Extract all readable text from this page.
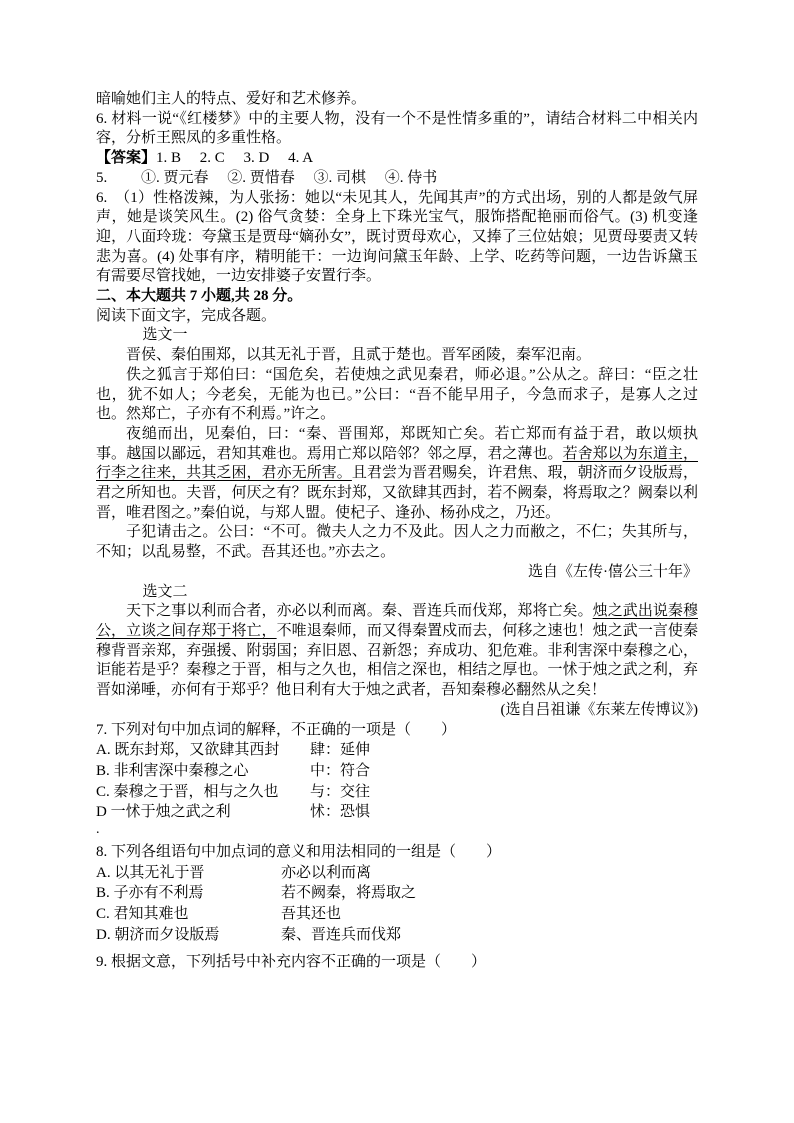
暗喻她们主人的特点、爱好和艺术修养。

6. 材料一说“《红楼梦》中的主要人物，没有一个不是性情多重的”，请结合材料二中相关内容，分析王熙凤的多重性格。

【答案】1. B　 2. C　 3. D　 4. A

5.　　 ①. 贾元春　 ②. 贾惜春　 ③. 司棋　 ④. 侍书

6.　（1）性格泼辣，为人张扬：她以“未见其人，先闻其声”的方式出场，别的人都是敛气屏声，她是谈笑风生。(2) 俗气贪婪：全身上下珠光宝气，服饰搭配艳丽而俗气。(3) 机变逢迎，八面玲珑：夸黛玉是贾母“嫡孙女”，既讨贾母欢心，又捧了三位姑娘；见贾母要责又转悲为喜。(4) 处事有序，精明能干：一边询问黛玉年龄、上学、吃药等问题，一边告诉黛玉有需要尽管找她，一边安排婆子安置行李。

二、本大题共 7 小题,共 28 分。

阅读下面文字，完成各题。

选文一

晋侯、秦伯围郑，以其无礼于晋，且贰于楚也。晋军函陵，秦军氾南。

佚之狐言于郑伯曰：“国危矣，若使烛之武见秦君，师必退。”公从之。辞曰：“臣之壮也，犹不如人；今老矣，无能为也已。”公曰：“吾不能早用子，今急而求子，是寡人之过也。然郑亡，子亦有不利焉。”许之。

夜缒而出，见秦伯，曰：“秦、晋围郑，郑既知亡矣。若亡郑而有益于君，敢以烦执事。越国以鄙远，君知其难也。焉用亡郑以陪邻？邻之厚，君之薄也。若舍郑以为东道主，行李之往来，共其乏困，君亦无所害。且君尝为晋君赐矣，许君焦、瑕，朝济而夕设版焉，君之所知也。夫晋，何厌之有？既东封郑，又欲肆其西封，若不阙秦，将焉取之？阙秦以利晋，唯君图之。”秦伯说，与郑人盟。使杞子、逢孙、杨孙戍之，乃还。

子犯请击之。公曰：“不可。微夫人之力不及此。因人之力而敝之，不仁；失其所与，不知；以乱易整，不武。吾其还也。”亦去之。

选自《左传·僖公三十年》

选文二

天下之事以利而合者，亦必以利而离。秦、晋连兵而伐郑，郑将亡矣。烛之武出说秦穆公，立谈之间存郑于将亡，不唯退秦师，而又得秦置戍而去，何移之速也！烛之武一言使秦穆背晋亲郑，弃强援、附弱国；弃旧恩、召新怨；弃成功、犯危难。非利害深中秦穆之心，讵能若是乎？秦穆之于晋，相与之久也，相信之深也，相结之厚也。一怵于烛之武之利，弃晋如涕唾，亦何有于郑乎？他日利有大于烛之武者，吾知秦穆必翻然从之矣！

(选自吕祖谦《东莱左传博议》)

7. 下列对句中加点词的解释，不正确的一项是（　　）

A. 既东封郑，又欲肆其西封 肆：延伸

B. 非利害深中秦穆之心	中：符合

C. 秦穆之于晋，相与之久也 与：交往

D 一怵于烛之武之利	怵：恐惧

.

8. 下列各组语句中加点词的意义和用法相同的一组是（　　）

A. 以其无礼于晋	亦必以利而离

B. 子亦有不利焉	若不阙秦，将焉取之

C. 君知其难也	吾其还也

D. 朝济而夕设版焉	秦、晋连兵而伐郑

9. 根据文意，下列括号中补充内容不正确的一项是（　　）
